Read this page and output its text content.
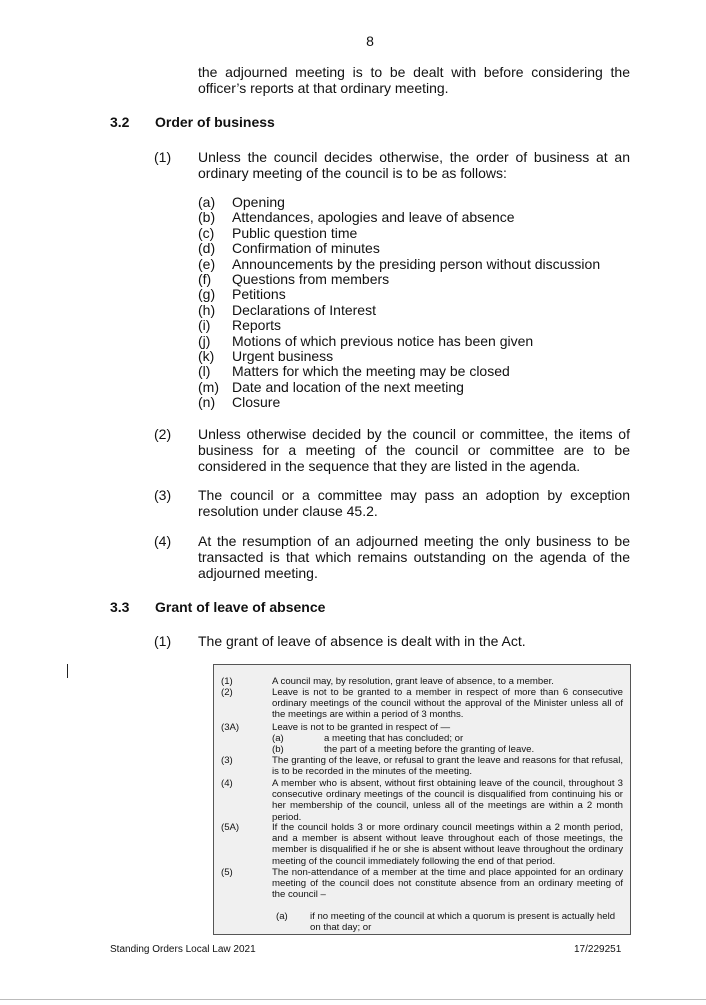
8
the adjourned meeting is to be dealt with before considering the officer’s reports at that ordinary meeting.
3.2 Order of business
(1) Unless the council decides otherwise, the order of business at an ordinary meeting of the council is to be as follows:
(a) Opening
(b) Attendances, apologies and leave of absence
(c) Public question time
(d) Confirmation of minutes
(e) Announcements by the presiding person without discussion
(f) Questions from members
(g) Petitions
(h) Declarations of Interest
(i) Reports
(j) Motions of which previous notice has been given
(k) Urgent business
(l) Matters for which the meeting may be closed
(m) Date and location of the next meeting
(n) Closure
(2) Unless otherwise decided by the council or committee, the items of business for a meeting of the council or committee are to be considered in the sequence that they are listed in the agenda.
(3) The council or a committee may pass an adoption by exception resolution under clause 45.2.
(4) At the resumption of an adjourned meeting the only business to be transacted is that which remains outstanding on the agenda of the adjourned meeting.
3.3 Grant of leave of absence
(1) The grant of leave of absence is dealt with in the Act.
(1)	A council may, by resolution, grant leave of absence, to a member.
(2)	Leave is not to be granted to a member in respect of more than 6 consecutive ordinary meetings of the council without the approval of the Minister unless all of the meetings are within a period of 3 months.
(3A)	Leave is not to be granted in respect of —
(a)	a meeting that has concluded; or
(b)	the part of a meeting before the granting of leave.
(3)	The granting of the leave, or refusal to grant the leave and reasons for that refusal, is to be recorded in the minutes of the meeting.
(4)	A member who is absent, without first obtaining leave of the council, throughout 3 consecutive ordinary meetings of the council is disqualified from continuing his or her membership of the council, unless all of the meetings are within a 2 month period.
(5A)	If the council holds 3 or more ordinary council meetings within a 2 month period, and a member is absent without leave throughout each of those meetings, the member is disqualified if he or she is absent without leave throughout the ordinary meeting of the council immediately following the end of that period.
(5)	The non-attendance of a member at the time and place appointed for an ordinary meeting of the council does not constitute absence from an ordinary meeting of the council –
(a) if no meeting of the council at which a quorum is present is actually held on that day; or
Standing Orders Local Law 2021	17/229251
